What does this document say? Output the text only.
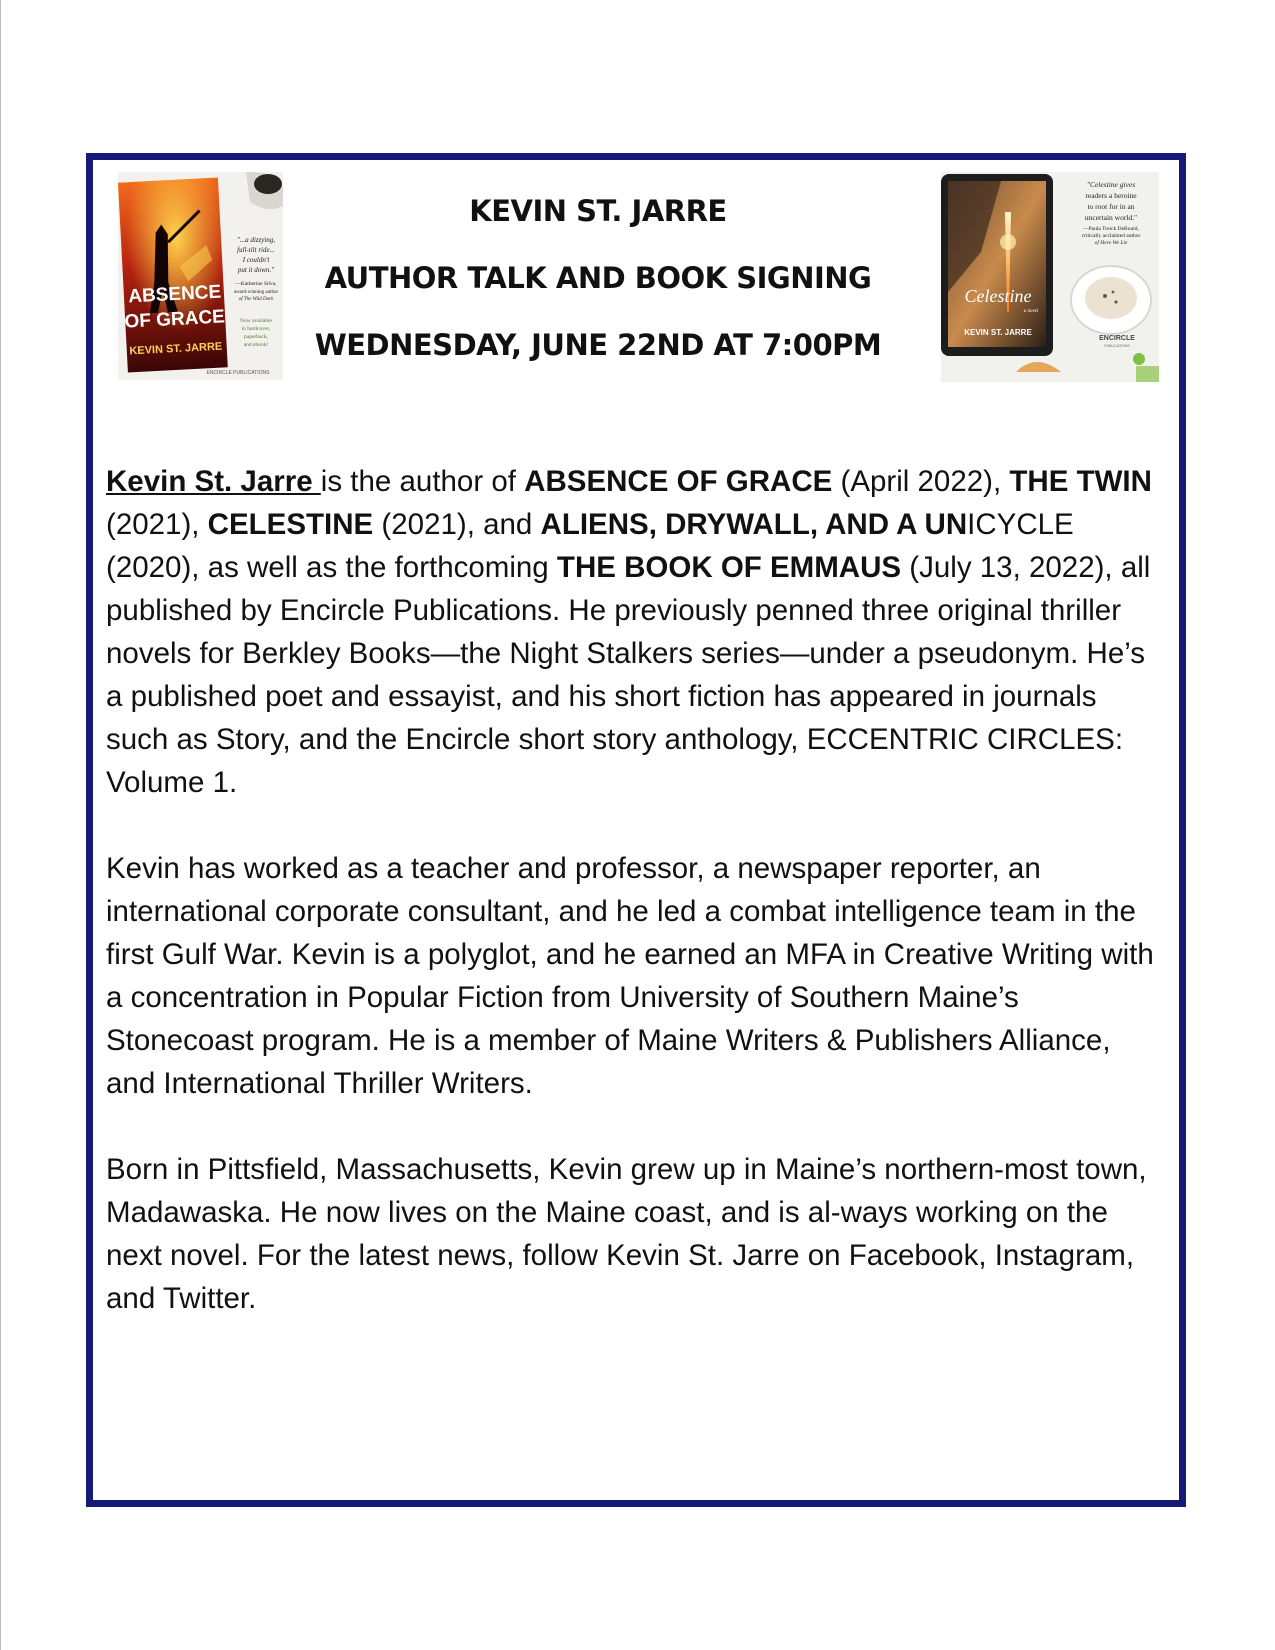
ABSENCE
OF GRACE
KEVIN ST. JARRE
"...a dizzying,
full-tilt ride...
I couldn't
put it down."
—Katherine Silva,
award-winning author
of The Wild Dark
Now available
in hardcover,
paperback,
and ebook!
ENCIRCLE PUBLICATIONS
KEVIN ST. JARRE
AUTHOR TALK AND BOOK SIGNING
WEDNESDAY, JUNE 22ND AT 7:00PM
Celestine
a novel
KEVIN ST. JARRE
"Celestine gives
readers a heroine
to root for in an
uncertain world."
—Paula Treick DeBoard,
critically acclaimed author
of Here We Lie
ENCIRCLE
PUBLICATIONS

Kevin St. Jarre is the author of ABSENCE OF GRACE (April 2022), THE TWIN (2021), CELESTINE (2021), and ALIENS, DRYWALL, AND A UNICYCLE (2020), as well as the forthcoming THE BOOK OF EMMAUS (July 13, 2022), all published by Encircle Publications. He previously penned three original thriller novels for Berkley Books—the Night Stalkers series—under a pseudonym. He’s a published poet and essayist, and his short fiction has appeared in journals such as Story, and the Encircle short story anthology, ECCENTRIC CIRCLES: Volume 1.

Kevin has worked as a teacher and professor, a newspaper reporter, an international corporate consultant, and he led a combat intelligence team in the first Gulf War. Kevin is a polyglot, and he earned an MFA in Creative Writing with a concentration in Popular Fiction from University of Southern Maine’s Stonecoast program. He is a member of Maine Writers & Publishers Alliance, and International Thriller Writers.

Born in Pittsfield, Massachusetts, Kevin grew up in Maine’s northern-most town, Madawaska. He now lives on the Maine coast, and is al-ways working on the next novel. For the latest news, follow Kevin St. Jarre on Facebook, Instagram, and Twitter.
